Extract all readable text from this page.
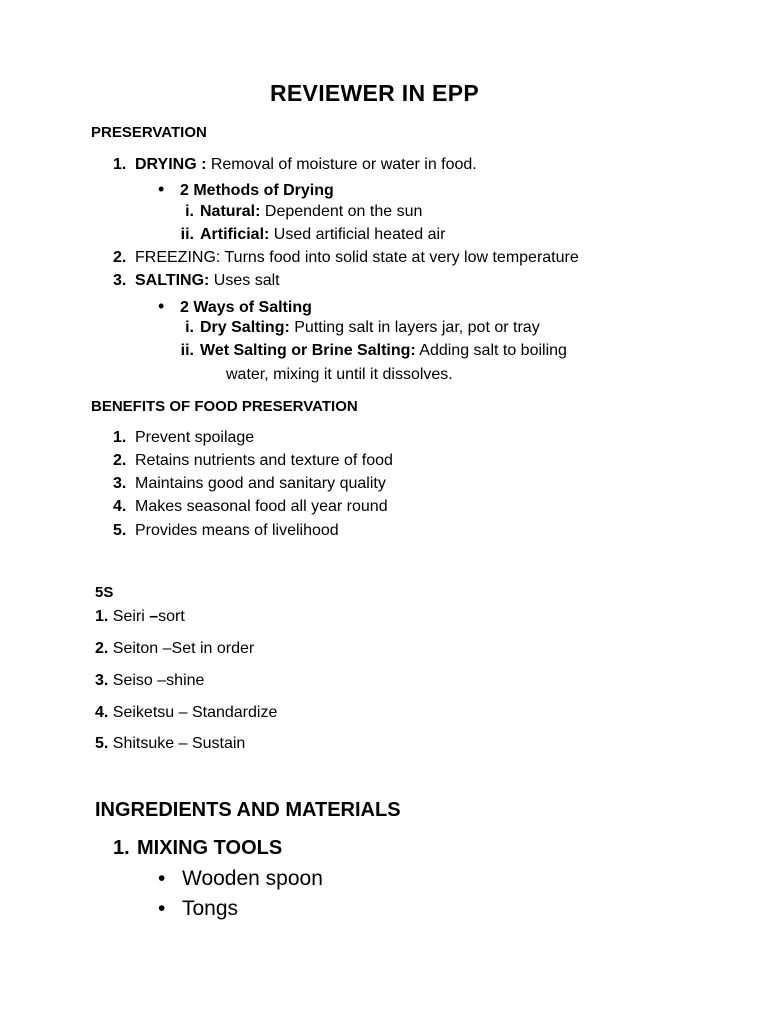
REVIEWER IN EPP
PRESERVATION
1. DRYING : Removal of moisture or water in food.
• 2 Methods of Drying
i. Natural: Dependent on the sun
ii. Artificial: Used artificial heated air
2. FREEZING: Turns food into solid state at very low temperature
3. SALTING: Uses salt
• 2 Ways of Salting
i. Dry Salting: Putting salt in layers jar, pot or tray
ii. Wet Salting or Brine Salting: Adding salt to boiling
water, mixing it until it dissolves.
BENEFITS OF FOOD PRESERVATION
1. Prevent spoilage
2. Retains nutrients and texture of food
3. Maintains good and sanitary quality
4. Makes seasonal food all year round
5. Provides means of livelihood
5S
1. Seiri –sort
2. Seiton –Set in order
3. Seiso –shine
4. Seiketsu – Standardize
5. Shitsuke – Sustain
INGREDIENTS AND MATERIALS
1. MIXING TOOLS
• Wooden spoon
• Tongs
